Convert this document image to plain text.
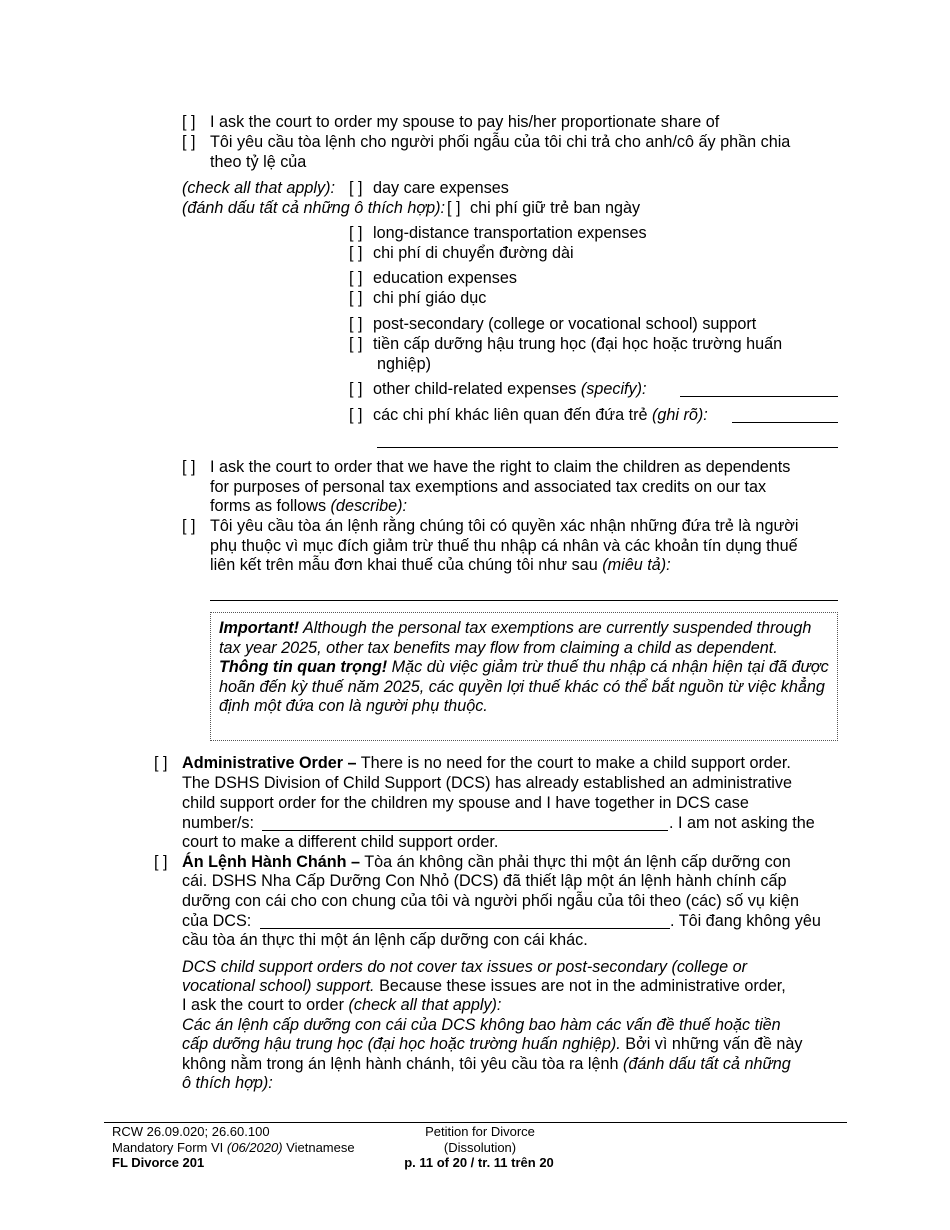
[ ] I ask the court to order my spouse to pay his/her proportionate share of
[ ] Tôi yêu cầu tòa lệnh cho người phối ngẫu của tôi chi trả cho anh/cô ấy phần chia
theo tỷ lệ của
(check all that apply): [ ] day care expenses
(đánh dấu tất cả những ô thích hợp): [ ] chi phí giữ trẻ ban ngày
[ ] long-distance transportation expenses
[ ] chi phí di chuyển đường dài
[ ] education expenses
[ ] chi phí giáo dục
[ ] post-secondary (college or vocational school) support
[ ] tiền cấp dưỡng hậu trung học (đại học hoặc trường huấn
nghiệp)
[ ] other child-related expenses (specify):
[ ] các chi phí khác liên quan đến đứa trẻ (ghi rõ):
[ ] I ask the court to order that we have the right to claim the children as dependents
for purposes of personal tax exemptions and associated tax credits on our tax
forms as follows (describe):
[ ] Tôi yêu cầu tòa án lệnh rằng chúng tôi có quyền xác nhận những đứa trẻ là người
phụ thuộc vì mục đích giảm trừ thuế thu nhập cá nhân và các khoản tín dụng thuế
liên kết trên mẫu đơn khai thuế của chúng tôi như sau (miêu tả):

Important! Although the personal tax exemptions are currently suspended through tax year 2025, other tax benefits may flow from claiming a child as dependent.

Thông tin quan trọng! Mặc dù việc giảm trừ thuế thu nhập cá nhận hiện tại đã được hoãn đến kỳ thuế năm 2025, các quyền lợi thuế khác có thể bắt nguồn từ việc khẳng định một đứa con là người phụ thuộc.

[ ] Administrative Order – There is no need for the court to make a child support order.
The DSHS Division of Child Support (DCS) has already established an administrative
child support order for the children my spouse and I have together in DCS case
number/s:	. I am not asking the
court to make a different child support order.
[ ] Án Lệnh Hành Chánh – Tòa án không cần phải thực thi một án lệnh cấp dưỡng con
cái. DSHS Nha Cấp Dưỡng Con Nhỏ (DCS) đã thiết lập một án lệnh hành chính cấp
dưỡng con cái cho con chung của tôi và người phối ngẫu của tôi theo (các) số vụ kiện
của DCS:	. Tôi đang không yêu
cầu tòa án thực thi một án lệnh cấp dưỡng con cái khác.
DCS child support orders do not cover tax issues or post-secondary (college or
vocational school) support. Because these issues are not in the administrative order,
I ask the court to order (check all that apply):
Các án lệnh cấp dưỡng con cái của DCS không bao hàm các vấn đề thuế hoặc tiền
cấp dưỡng hậu trung học (đại học hoặc trường huấn nghiệp). Bởi vì những vấn đề này
không nằm trong án lệnh hành chánh, tôi yêu cầu tòa ra lệnh (đánh dấu tất cả những
ô thích hợp):
RCW 26.09.020; 26.60.100
Mandatory Form VI (06/2020) Vietnamese
FL Divorce 201
Petition for Divorce
(Dissolution)
p. 11 of 20 / tr. 11 trên 20
